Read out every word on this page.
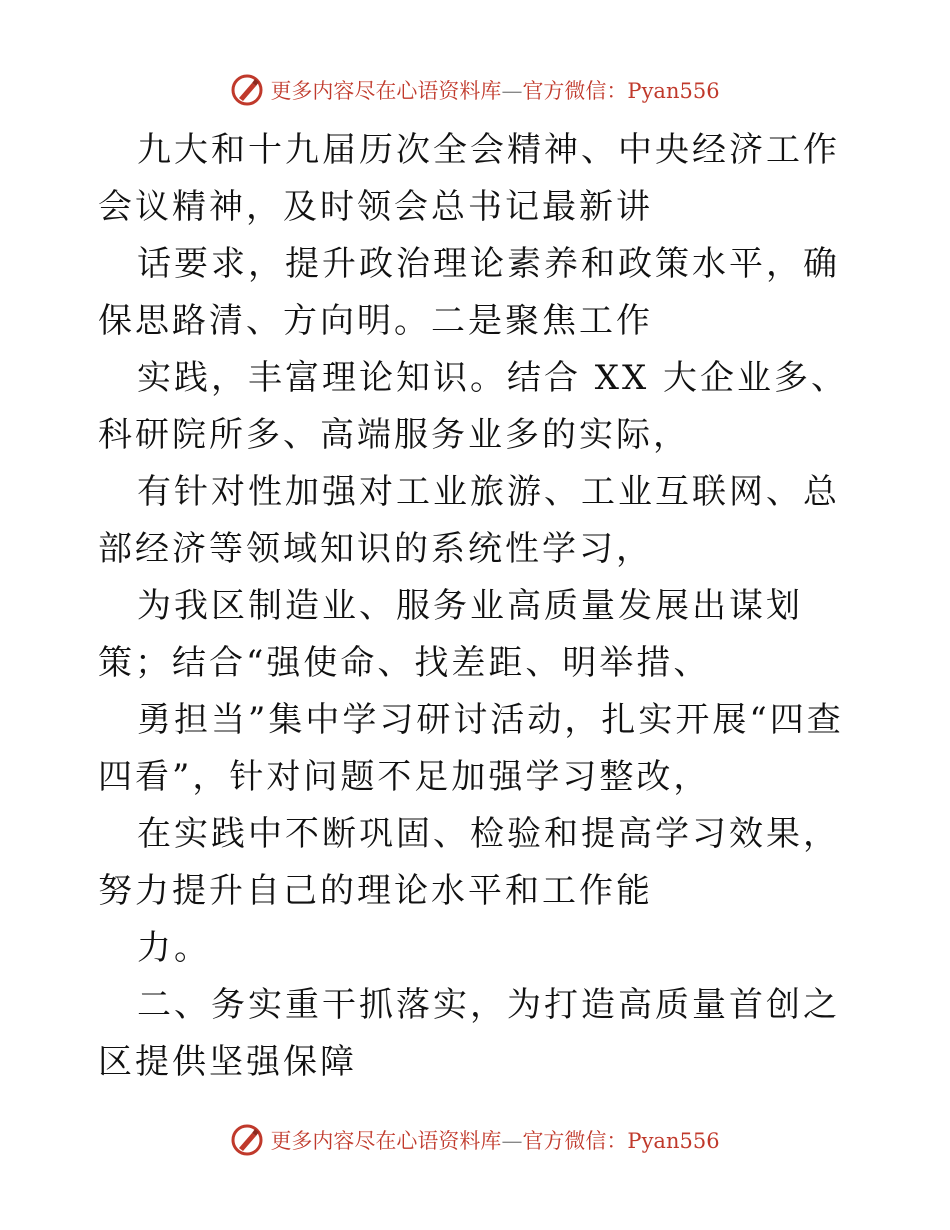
更多内容尽在心语资料库—官方微信：Pyan556

九大和十九届历次全会精神、中央经济工作会议精神，及时领会总书记最新讲

话要求，提升政治理论素养和政策水平，确保思路清、方向明。二是聚焦工作

实践，丰富理论知识。结合 XX 大企业多、科研院所多、高端服务业多的实际，

有针对性加强对工业旅游、工业互联网、总部经济等领域知识的系统性学习，

为我区制造业、服务业高质量发展出谋划策；结合“强使命、找差距、明举措、

勇担当”集中学习研讨活动，扎实开展“四查四看”，针对问题不足加强学习整改，

在实践中不断巩固、检验和提高学习效果，努力提升自己的理论水平和工作能

力。

二、务实重干抓落实，为打造高质量首创之区提供坚强保障

更多内容尽在心语资料库—官方微信：Pyan556
